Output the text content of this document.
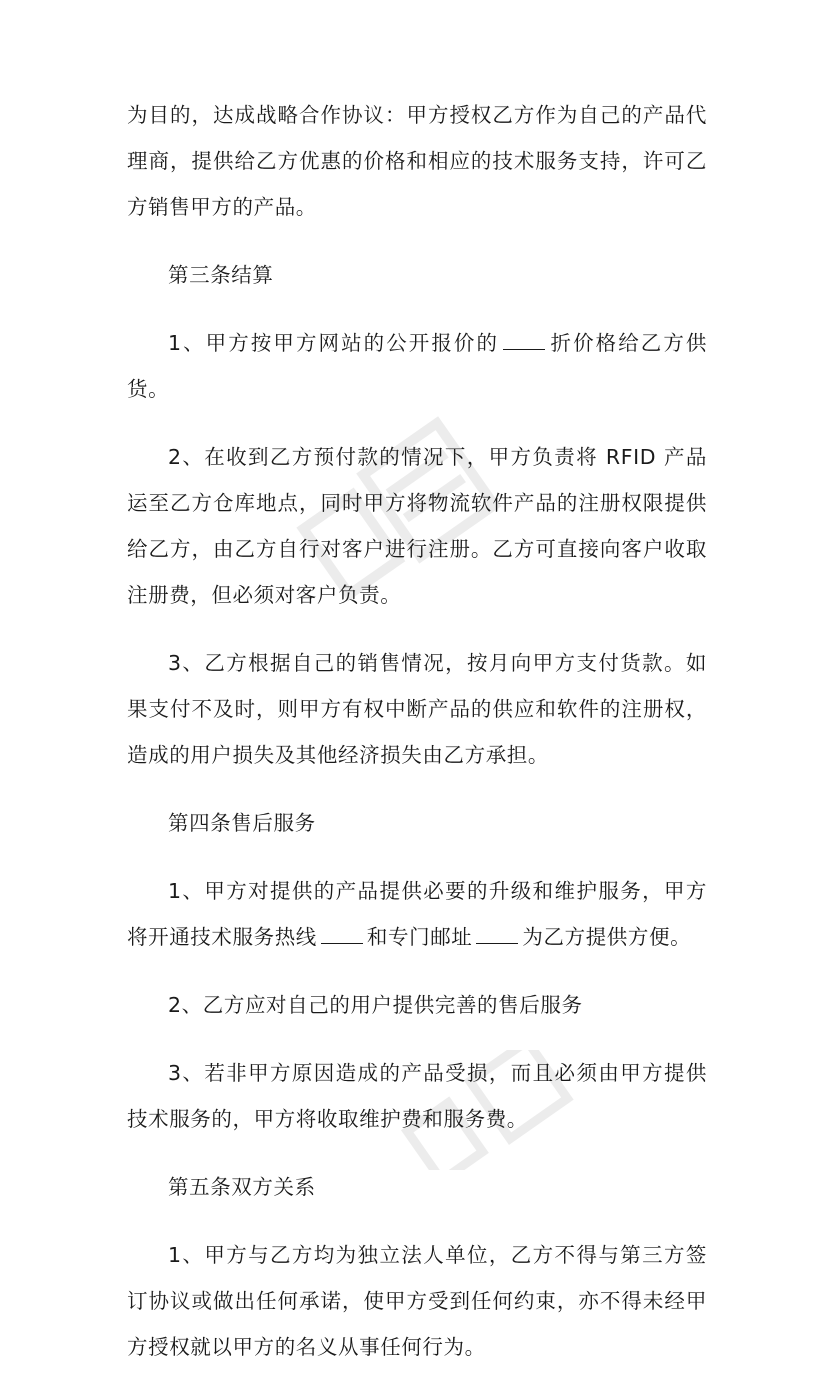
为目的，达成战略合作协议：甲方授权乙方作为自己的产品代理商，提供给乙方优惠的价格和相应的技术服务支持，许可乙方销售甲方的产品。

第三条结算

1、甲方按甲方网站的公开报价的 折价格给乙方供货。

2、在收到乙方预付款的情况下，甲方负责将 RFID 产品运至乙方仓库地点，同时甲方将物流软件产品的注册权限提供给乙方，由乙方自行对客户进行注册。乙方可直接向客户收取注册费，但必须对客户负责。

3、乙方根据自己的销售情况，按月向甲方支付货款。如果支付不及时，则甲方有权中断产品的供应和软件的注册权，造成的用户损失及其他经济损失由乙方承担。

第四条售后服务

1、甲方对提供的产品提供必要的升级和维护服务，甲方将开通技术服务热线 和专门邮址 为乙方提供方便。

2、乙方应对自己的用户提供完善的售后服务

3、若非甲方原因造成的产品受损，而且必须由甲方提供技术服务的，甲方将收取维护费和服务费。

第五条双方关系

1、甲方与乙方均为独立法人单位，乙方不得与第三方签订协议或做出任何承诺，使甲方受到任何约束，亦不得未经甲方授权就以甲方的名义从事任何行为。
